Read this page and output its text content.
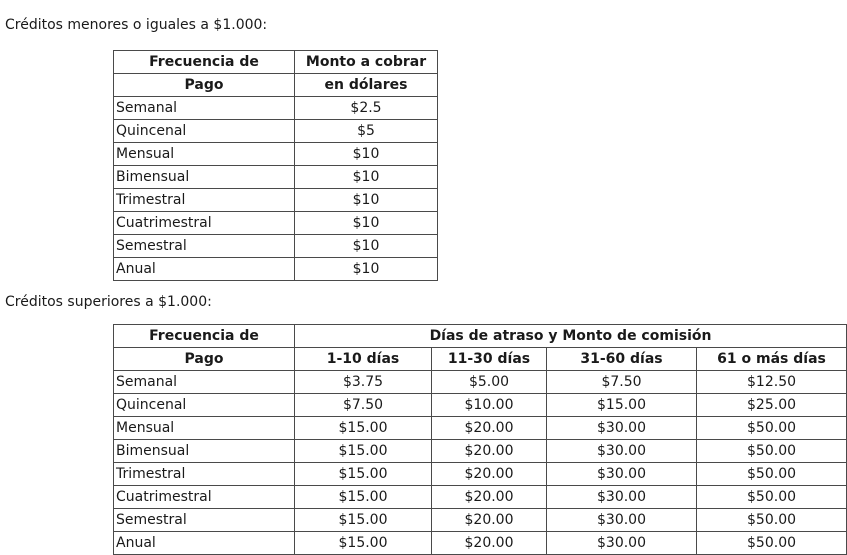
Créditos menores o iguales a $1.000:
Frecuencia de	Monto a cobrar
Pago	en dólares
Semanal	$2.5
Quincenal	$5
Mensual	$10
Bimensual	$10
Trimestral	$10
Cuatrimestral	$10
Semestral	$10
Anual	$10
Créditos superiores a $1.000:
Frecuencia de	Días de atraso y Monto de comisión			
Pago	1-10 días	11-30 días	31-60 días	61 o más días
Semanal	$3.75	$5.00	$7.50	$12.50
Quincenal	$7.50	$10.00	$15.00	$25.00
Mensual	$15.00	$20.00	$30.00	$50.00
Bimensual	$15.00	$20.00	$30.00	$50.00
Trimestral	$15.00	$20.00	$30.00	$50.00
Cuatrimestral	$15.00	$20.00	$30.00	$50.00
Semestral	$15.00	$20.00	$30.00	$50.00
Anual	$15.00	$20.00	$30.00	$50.00
